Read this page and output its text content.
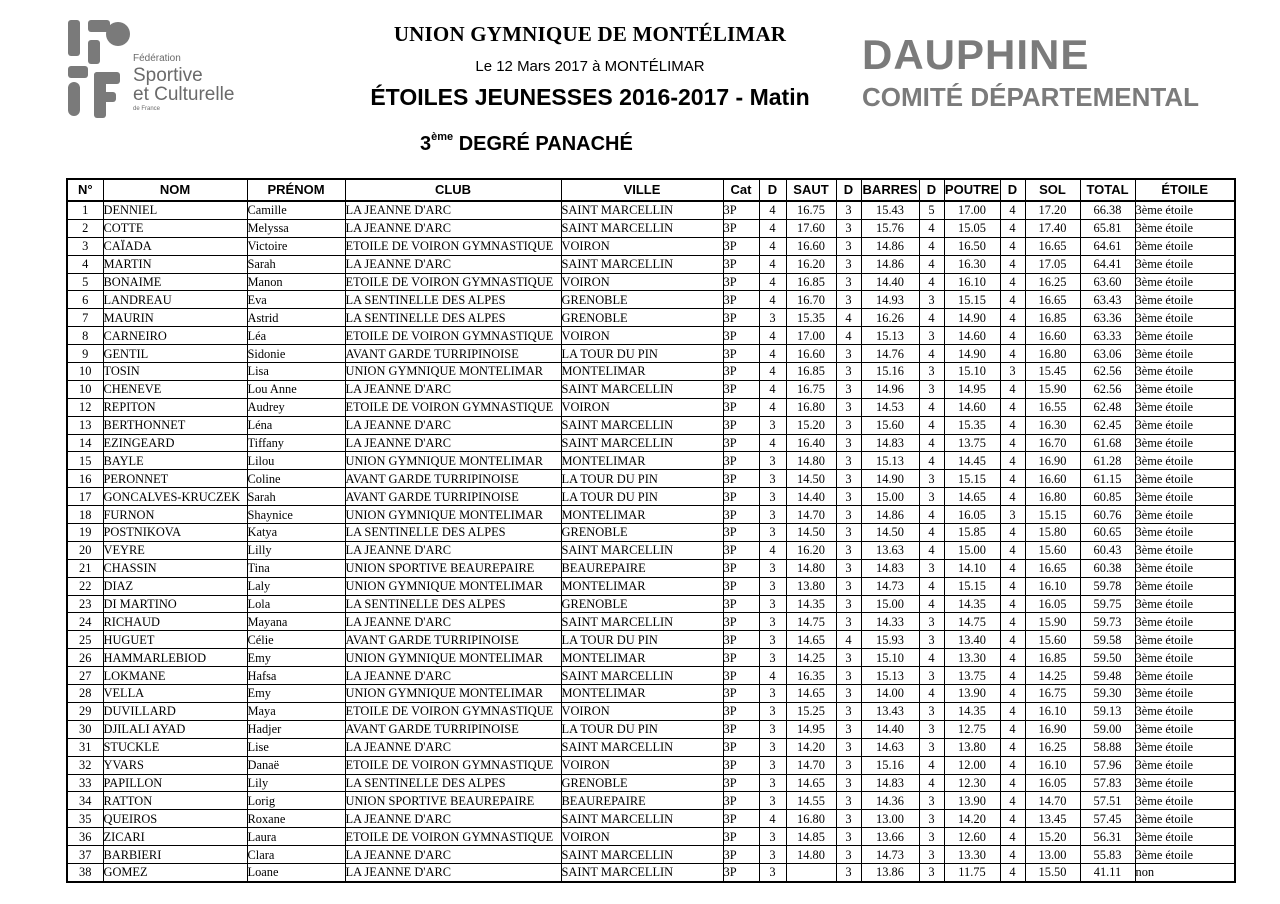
Fédération
Sportive
et Culturelle
de France
UNION GYMNIQUE DE MONTÉLIMAR
Le 12 Mars 2017 à MONTÉLIMAR
ÉTOILES JEUNESSES 2016-2017 - Matin
3ème DEGRÉ PANACHÉ
DAUPHINE
COMITÉ DÉPARTEMENTAL
N°	NOM	PRÉNOM	CLUB	VILLE	Cat	D	SAUT	D	BARRES	D	POUTRE	D	SOL	TOTAL	ÉTOILE
1	DENNIEL	Camille	LA JEANNE D'ARC	SAINT MARCELLIN	3P	4	16.75	3	15.43	5	17.00	4	17.20	66.38	3ème étoile
2	COTTE	Melyssa	LA JEANNE D'ARC	SAINT MARCELLIN	3P	4	17.60	3	15.76	4	15.05	4	17.40	65.81	3ème étoile
3	CAÏADA	Victoire	ETOILE DE VOIRON GYMNASTIQUE	VOIRON	3P	4	16.60	3	14.86	4	16.50	4	16.65	64.61	3ème étoile
4	MARTIN	Sarah	LA JEANNE D'ARC	SAINT MARCELLIN	3P	4	16.20	3	14.86	4	16.30	4	17.05	64.41	3ème étoile
5	BONAIME	Manon	ETOILE DE VOIRON GYMNASTIQUE	VOIRON	3P	4	16.85	3	14.40	4	16.10	4	16.25	63.60	3ème étoile
6	LANDREAU	Eva	LA SENTINELLE DES ALPES	GRENOBLE	3P	4	16.70	3	14.93	3	15.15	4	16.65	63.43	3ème étoile
7	MAURIN	Astrid	LA SENTINELLE DES ALPES	GRENOBLE	3P	3	15.35	4	16.26	4	14.90	4	16.85	63.36	3ème étoile
8	CARNEIRO	Léa	ETOILE DE VOIRON GYMNASTIQUE	VOIRON	3P	4	17.00	4	15.13	3	14.60	4	16.60	63.33	3ème étoile
9	GENTIL	Sidonie	AVANT GARDE TURRIPINOISE	LA TOUR DU PIN	3P	4	16.60	3	14.76	4	14.90	4	16.80	63.06	3ème étoile
10	TOSIN	Lisa	UNION GYMNIQUE MONTELIMAR	MONTELIMAR	3P	4	16.85	3	15.16	3	15.10	3	15.45	62.56	3ème étoile
10	CHENEVE	Lou Anne	LA JEANNE D'ARC	SAINT MARCELLIN	3P	4	16.75	3	14.96	3	14.95	4	15.90	62.56	3ème étoile
12	REPITON	Audrey	ETOILE DE VOIRON GYMNASTIQUE	VOIRON	3P	4	16.80	3	14.53	4	14.60	4	16.55	62.48	3ème étoile
13	BERTHONNET	Léna	LA JEANNE D'ARC	SAINT MARCELLIN	3P	3	15.20	3	15.60	4	15.35	4	16.30	62.45	3ème étoile
14	EZINGEARD	Tiffany	LA JEANNE D'ARC	SAINT MARCELLIN	3P	4	16.40	3	14.83	4	13.75	4	16.70	61.68	3ème étoile
15	BAYLE	Lilou	UNION GYMNIQUE MONTELIMAR	MONTELIMAR	3P	3	14.80	3	15.13	4	14.45	4	16.90	61.28	3ème étoile
16	PERONNET	Coline	AVANT GARDE TURRIPINOISE	LA TOUR DU PIN	3P	3	14.50	3	14.90	3	15.15	4	16.60	61.15	3ème étoile
17	GONCALVES-KRUCZEK	Sarah	AVANT GARDE TURRIPINOISE	LA TOUR DU PIN	3P	3	14.40	3	15.00	3	14.65	4	16.80	60.85	3ème étoile
18	FURNON	Shaynice	UNION GYMNIQUE MONTELIMAR	MONTELIMAR	3P	3	14.70	3	14.86	4	16.05	3	15.15	60.76	3ème étoile
19	POSTNIKOVA	Katya	LA SENTINELLE DES ALPES	GRENOBLE	3P	3	14.50	3	14.50	4	15.85	4	15.80	60.65	3ème étoile
20	VEYRE	Lilly	LA JEANNE D'ARC	SAINT MARCELLIN	3P	4	16.20	3	13.63	4	15.00	4	15.60	60.43	3ème étoile
21	CHASSIN	Tina	UNION SPORTIVE BEAUREPAIRE	BEAUREPAIRE	3P	3	14.80	3	14.83	3	14.10	4	16.65	60.38	3ème étoile
22	DIAZ	Laly	UNION GYMNIQUE MONTELIMAR	MONTELIMAR	3P	3	13.80	3	14.73	4	15.15	4	16.10	59.78	3ème étoile
23	DI MARTINO	Lola	LA SENTINELLE DES ALPES	GRENOBLE	3P	3	14.35	3	15.00	4	14.35	4	16.05	59.75	3ème étoile
24	RICHAUD	Mayana	LA JEANNE D'ARC	SAINT MARCELLIN	3P	3	14.75	3	14.33	3	14.75	4	15.90	59.73	3ème étoile
25	HUGUET	Célie	AVANT GARDE TURRIPINOISE	LA TOUR DU PIN	3P	3	14.65	4	15.93	3	13.40	4	15.60	59.58	3ème étoile
26	HAMMARLEBIOD	Emy	UNION GYMNIQUE MONTELIMAR	MONTELIMAR	3P	3	14.25	3	15.10	4	13.30	4	16.85	59.50	3ème étoile
27	LOKMANE	Hafsa	LA JEANNE D'ARC	SAINT MARCELLIN	3P	4	16.35	3	15.13	3	13.75	4	14.25	59.48	3ème étoile
28	VELLA	Emy	UNION GYMNIQUE MONTELIMAR	MONTELIMAR	3P	3	14.65	3	14.00	4	13.90	4	16.75	59.30	3ème étoile
29	DUVILLARD	Maya	ETOILE DE VOIRON GYMNASTIQUE	VOIRON	3P	3	15.25	3	13.43	3	14.35	4	16.10	59.13	3ème étoile
30	DJILALI AYAD	Hadjer	AVANT GARDE TURRIPINOISE	LA TOUR DU PIN	3P	3	14.95	3	14.40	3	12.75	4	16.90	59.00	3ème étoile
31	STUCKLE	Lise	LA JEANNE D'ARC	SAINT MARCELLIN	3P	3	14.20	3	14.63	3	13.80	4	16.25	58.88	3ème étoile
32	YVARS	Danaë	ETOILE DE VOIRON GYMNASTIQUE	VOIRON	3P	3	14.70	3	15.16	4	12.00	4	16.10	57.96	3ème étoile
33	PAPILLON	Lily	LA SENTINELLE DES ALPES	GRENOBLE	3P	3	14.65	3	14.83	4	12.30	4	16.05	57.83	3ème étoile
34	RATTON	Lorig	UNION SPORTIVE BEAUREPAIRE	BEAUREPAIRE	3P	3	14.55	3	14.36	3	13.90	4	14.70	57.51	3ème étoile
35	QUEIROS	Roxane	LA JEANNE D'ARC	SAINT MARCELLIN	3P	4	16.80	3	13.00	3	14.20	4	13.45	57.45	3ème étoile
36	ZICARI	Laura	ETOILE DE VOIRON GYMNASTIQUE	VOIRON	3P	3	14.85	3	13.66	3	12.60	4	15.20	56.31	3ème étoile
37	BARBIERI	Clara	LA JEANNE D'ARC	SAINT MARCELLIN	3P	3	14.80	3	14.73	3	13.30	4	13.00	55.83	3ème étoile
38	GOMEZ	Loane	LA JEANNE D'ARC	SAINT MARCELLIN	3P	3		3	13.86	3	11.75	4	15.50	41.11	non
